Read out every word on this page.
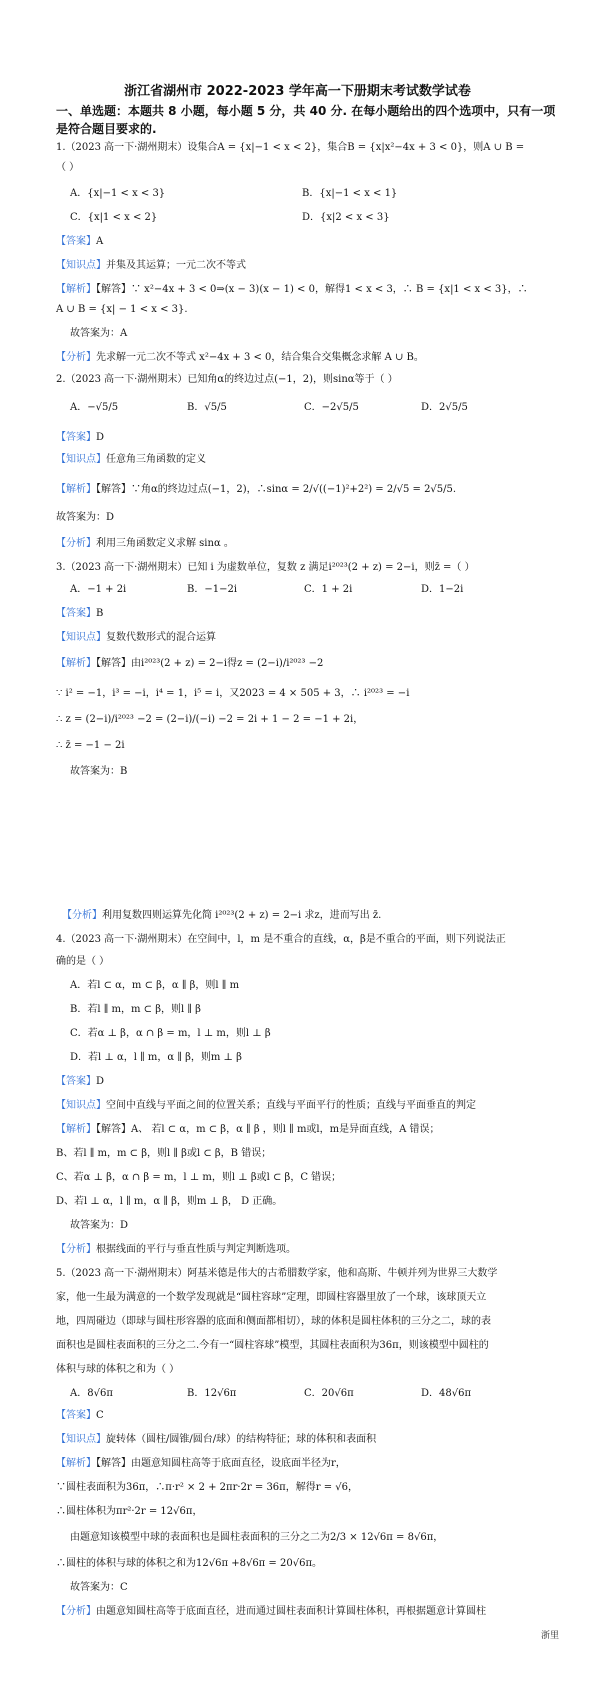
浙江省湖州市 2022-2023 学年高一下册期末考试数学试卷
一、单选题：本题共 8 小题，每小题 5 分，共 40 分. 在每小题给出的四个选项中，只有一项
是符合题目要求的.
1.（2023 高一下·湖州期末）设集合A = {x|−1 < x < 2}，集合B = {x|x²−4x + 3 < 0}，则A ∪ B =
（ ）
A．{x|−1 < x < 3}	B．{x|−1 < x < 1}
C．{x|1 < x < 2}	D．{x|2 < x < 3}
【答案】A
【知识点】并集及其运算；一元二次不等式
【解析】【解答】∵ x²−4x + 3 < 0⇒(x − 3)(x − 1) < 0，解得1 < x < 3，∴ B = {x|1 < x < 3}，∴
A ∪ B = {x| − 1 < x < 3}.
故答案为：A
【分析】先求解一元二次不等式 x²−4x + 3 < 0，结合集合交集概念求解 A ∪ B。
2.（2023 高一下·湖州期末）已知角α的终边过点(−1，2)，则sinα等于（ ）
A．−√5/5	B．√5/5	C．−2√5/5	D．2√5/5
【答案】D
【知识点】任意角三角函数的定义
【解析】【解答】∵角α的终边过点(−1，2)，∴sinα = 2/√((−1)²+2²) = 2/√5 = 2√5/5.
故答案为：D
【分析】利用三角函数定义求解 sinα 。
3.（2023 高一下·湖州期末）已知 i 为虚数单位，复数 z 满足i²⁰²³(2 + z) = 2−i，则z̄ =（ ）
A．−1 + 2i	B．−1−2i	C．1 + 2i	D．1−2i
【答案】B
【知识点】复数代数形式的混合运算
【解析】【解答】由i²⁰²³(2 + z) = 2−i得z = (2−i)/i²⁰²³ −2
∵ i² = −1，i³ = −i，i⁴ = 1，i⁵ = i，又2023 = 4 × 505 + 3，∴ i²⁰²³ = −i
∴ z = (2−i)/i²⁰²³ −2 = (2−i)/(−i) −2 = 2i + 1 − 2 = −1 + 2i，
∴ z̄ = −1 − 2i
故答案为：B
【分析】利用复数四则运算先化简 i²⁰²³(2 + z) = 2−i 求z，进而写出 z̄.
4.（2023 高一下·湖州期末）在空间中，l，m 是不重合的直线，α，β是不重合的平面，则下列说法正
确的是（ ）
A．若l ⊂ α，m ⊂ β，α ∥ β，则l ∥ m
B．若l ∥ m，m ⊂ β，则l ∥ β
C．若α ⊥ β，α ∩ β = m，l ⊥ m，则l ⊥ β
D．若l ⊥ α，l ∥ m，α ∥ β，则m ⊥ β
【答案】D
【知识点】空间中直线与平面之间的位置关系；直线与平面平行的性质；直线与平面垂直的判定
【解析】【解答】A、 若l ⊂ α，m ⊂ β，α ∥ β ，则l ∥ m或l，m是异面直线，A 错误；
B、若l ∥ m，m ⊂ β，则l ∥ β或l ⊂ β，B 错误；
C、若α ⊥ β，α ∩ β = m，l ⊥ m，则l ⊥ β或l ⊂ β，C 错误；
D、若l ⊥ α，l ∥ m，α ∥ β，则m ⊥ β， D 正确。
故答案为：D
【分析】根据线面的平行与垂直性质与判定判断选项。
5.（2023 高一下·湖州期末）阿基米德是伟大的古希腊数学家，他和高斯、牛顿并列为世界三大数学
家，他一生最为满意的一个数学发现就是“圆柱容球”定理，即圆柱容器里放了一个球，该球顶天立
地，四周碰边（即球与圆柱形容器的底面和侧面都相切），球的体积是圆柱体积的三分之二，球的表
面积也是圆柱表面积的三分之二.今有一“圆柱容球”模型，其圆柱表面积为36π，则该模型中圆柱的
体积与球的体积之和为（ ）
A．8√6π	B．12√6π	C．20√6π	D．48√6π
【答案】C
【知识点】旋转体（圆柱/圆锥/圆台/球）的结构特征；球的体积和表面积
【解析】【解答】由题意知圆柱高等于底面直径，设底面半径为r，
∵圆柱表面积为36π，∴π·r² × 2 + 2πr·2r = 36π，解得r = √6，
∴圆柱体积为πr²·2r = 12√6π，
由题意知该模型中球的表面积也是圆柱表面积的三分之二为2/3 × 12√6π = 8√6π，
∴圆柱的体积与球的体积之和为12√6π +8√6π = 20√6π。
故答案为：C
【分析】由题意知圆柱高等于底面直径，进而通过圆柱表面积计算圆柱体积，再根据题意计算圆柱
浙里
